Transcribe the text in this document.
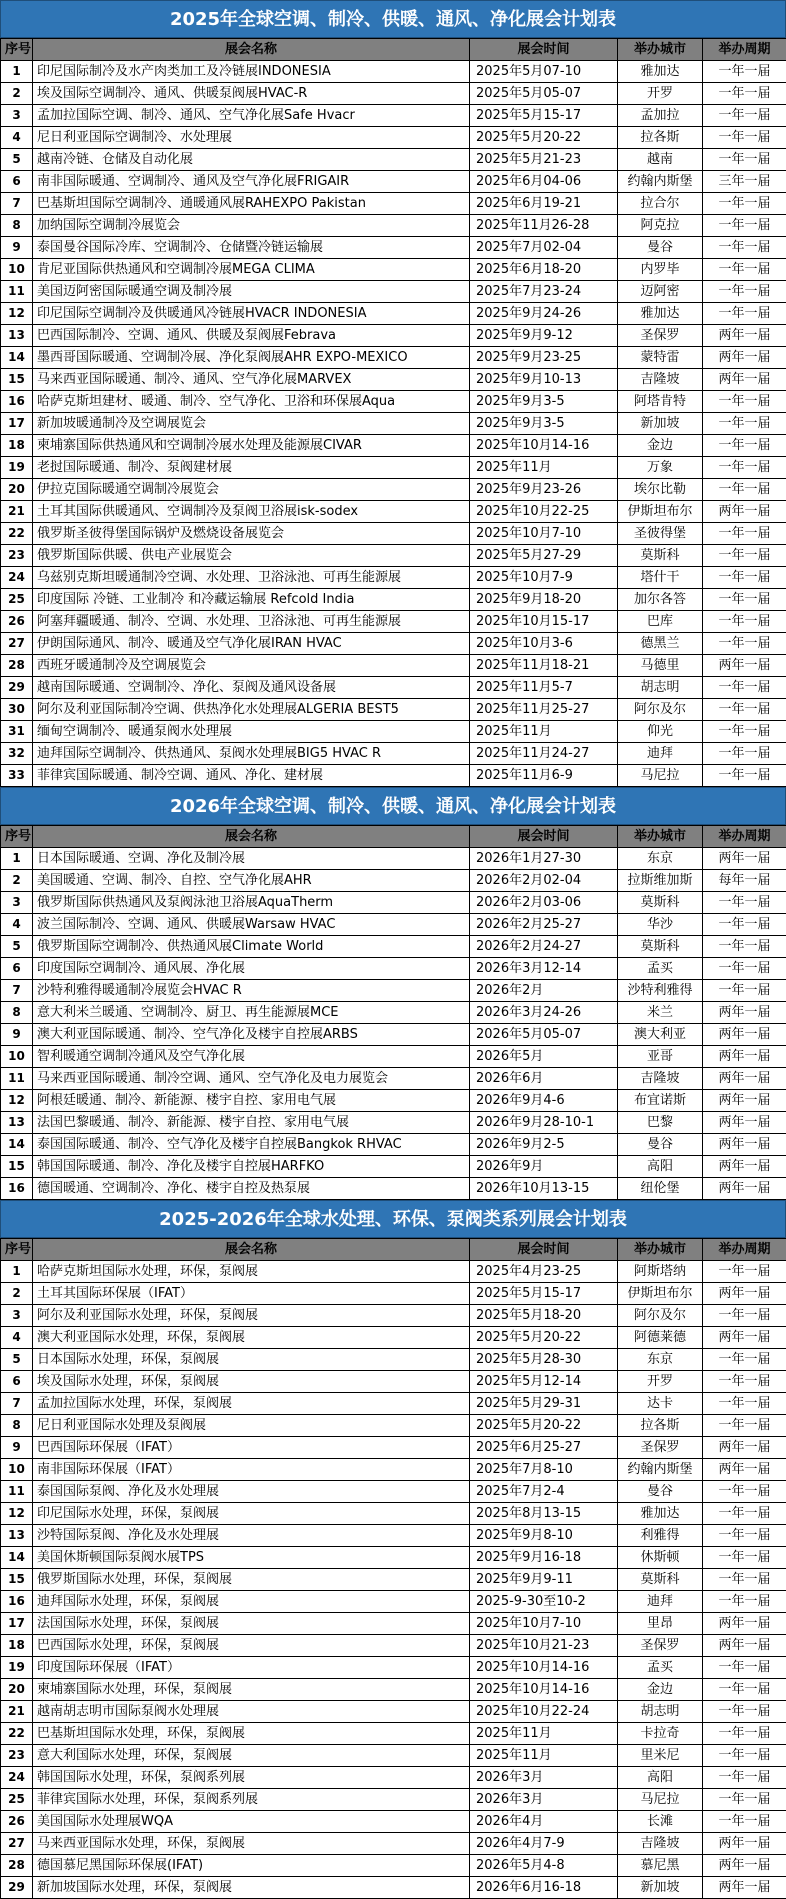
2025年全球空调、制冷、供暖、通风、净化展会计划表
序号	展会名称	展会时间	举办城市	举办周期
1	印尼国际制冷及水产肉类加工及冷链展INDONESIA	2025年5月07-10	雅加达	一年一届
2	埃及国际空调制冷、通风、供暖泵阀展HVAC-R	2025年5月05-07	开罗	一年一届
3	孟加拉国际空调、制冷、通风、空气净化展Safe Hvacr	2025年5月15-17	孟加拉	一年一届
4	尼日利亚国际空调制冷、水处理展	2025年5月20-22	拉各斯	一年一届
5	越南冷链、仓储及自动化展	2025年5月21-23	越南	一年一届
6	南非国际暖通、空调制冷、通风及空气净化展FRIGAIR	2025年6月04-06	约翰内斯堡	三年一届
7	巴基斯坦国际空调制冷、通暖通风展RAHEXPO Pakistan	2025年6月19-21	拉合尔	一年一届
8	加纳国际空调制冷展览会	2025年11月26-28	阿克拉	一年一届
9	泰国曼谷国际冷库、空调制冷、仓储暨冷链运输展	2025年7月02-04	曼谷	一年一届
10	肯尼亚国际供热通风和空调制冷展MEGA CLIMA	2025年6月18-20	内罗毕	一年一届
11	美国迈阿密国际暖通空调及制冷展	2025年7月23-24	迈阿密	一年一届
12	印尼国际空调制冷及供暖通风冷链展HVACR INDONESIA	2025年9月24-26	雅加达	一年一届
13	巴西国际制冷、空调、通风、供暖及泵阀展Febrava	2025年9月9-12	圣保罗	两年一届
14	墨西哥国际暖通、空调制冷展、净化泵阀展AHR EXPO-MEXICO	2025年9月23-25	蒙特雷	两年一届
15	马来西亚国际暖通、制冷、通风、空气净化展MARVEX	2025年9月10-13	吉隆坡	两年一届
16	哈萨克斯坦建材、暖通、制冷、空气净化、卫浴和环保展Aqua	2025年9月3-5	阿塔肯特	一年一届
17	新加坡暖通制冷及空调展览会	2025年9月3-5	新加坡	一年一届
18	柬埔寨国际供热通风和空调制冷展水处理及能源展CIVAR	2025年10月14-16	金边	一年一届
19	老挝国际暖通、制冷、泵阀建材展	2025年11月	万象	一年一届
20	伊拉克国际暖通空调制冷展览会	2025年9月23-26	埃尔比勒	一年一届
21	土耳其国际供暖通风、空调制冷及泵阀卫浴展isk-sodex	2025年10月22-25	伊斯坦布尔	两年一届
22	俄罗斯圣彼得堡国际锅炉及燃烧设备展览会	2025年10月7-10	圣彼得堡	一年一届
23	俄罗斯国际供暖、供电产业展览会	2025年5月27-29	莫斯科	一年一届
24	乌兹别克斯坦暖通制冷空调、水处理、卫浴泳池、可再生能源展	2025年10月7-9	塔什干	一年一届
25	印度国际 冷链、工业制冷 和冷藏运输展 Refcold India	2025年9月18-20	加尔各答	一年一届
26	阿塞拜疆暖通、制冷、空调、水处理、卫浴泳池、可再生能源展	2025年10月15-17	巴库	一年一届
27	伊朗国际通风、制冷、暖通及空气净化展IRAN HVAC	2025年10月3-6	德黑兰	一年一届
28	西班牙暖通制冷及空调展览会	2025年11月18-21	马德里	两年一届
29	越南国际暖通、空调制冷、净化、泵阀及通风设备展	2025年11月5-7	胡志明	一年一届
30	阿尔及利亚国际制冷空调、供热净化水处理展ALGERIA BEST5	2025年11月25-27	阿尔及尔	一年一届
31	缅甸空调制冷、暖通泵阀水处理展	2025年11月	仰光	一年一届
32	迪拜国际空调制冷、供热通风、泵阀水处理展BIG5 HVAC R	2025年11月24-27	迪拜	一年一届
33	菲律宾国际暖通、制冷空调、通风、净化、建材展	2025年11月6-9	马尼拉	一年一届
2026年全球空调、制冷、供暖、通风、净化展会计划表
序号	展会名称	展会时间	举办城市	举办周期
1	日本国际暖通、空调、净化及制冷展	2026年1月27-30	东京	两年一届
2	美国暖通、空调、制冷、自控、空气净化展AHR	2026年2月02-04	拉斯维加斯	每年一届
3	俄罗斯国际供热通风及泵阀泳池卫浴展AquaTherm	2026年2月03-06	莫斯科	一年一届
4	波兰国际制冷、空调、通风、供暖展Warsaw HVAC	2026年2月25-27	华沙	一年一届
5	俄罗斯国际空调制冷、供热通风展Climate World	2026年2月24-27	莫斯科	一年一届
6	印度国际空调制冷、通风展、净化展	2026年3月12-14	孟买	一年一届
7	沙特利雅得暖通制冷展览会HVAC R	2026年2月	沙特利雅得	一年一届
8	意大利米兰暖通、空调制冷、厨卫、再生能源展MCE	2026年3月24-26	米兰	两年一届
9	澳大利亚国际暖通、制冷、空气净化及楼宇自控展ARBS	2026年5月05-07	澳大利亚	两年一届
10	智利暖通空调制冷通风及空气净化展	2026年5月	亚哥	两年一届
11	马来西亚国际暖通、制冷空调、通风、空气净化及电力展览会	2026年6月	吉隆坡	两年一届
12	阿根廷暖通、制冷、新能源、楼宇自控、家用电气展	2026年9月4-6	布宜诺斯	两年一届
13	法国巴黎暖通、制冷、新能源、楼宇自控、家用电气展	2026年9月28-10-1	巴黎	两年一届
14	泰国国际暖通、制冷、空气净化及楼宇自控展Bangkok RHVAC	2026年9月2-5	曼谷	两年一届
15	韩国国际暖通、制冷、净化及楼宇自控展HARFKO	2026年9月	高阳	两年一届
16	德国暖通、空调制冷、净化、楼宇自控及热泵展	2026年10月13-15	纽伦堡	两年一届
2025-2026年全球水处理、环保、泵阀类系列展会计划表
序号	展会名称	展会时间	举办城市	举办周期
1	哈萨克斯坦国际水处理，环保，泵阀展	2025年4月23-25	阿斯塔纳	一年一届
2	土耳其国际环保展（IFAT）	2025年5月15-17	伊斯坦布尔	两年一届
3	阿尔及利亚国际水处理，环保，泵阀展	2025年5月18-20	阿尔及尔	一年一届
4	澳大利亚国际水处理，环保，泵阀展	2025年5月20-22	阿德莱德	两年一届
5	日本国际水处理，环保，泵阀展	2025年5月28-30	东京	一年一届
6	埃及国际水处理，环保，泵阀展	2025年5月12-14	开罗	一年一届
7	孟加拉国际水处理，环保，泵阀展	2025年5月29-31	达卡	一年一届
8	尼日利亚国际水处理及泵阀展	2025年5月20-22	拉各斯	一年一届
9	巴西国际环保展（IFAT）	2025年6月25-27	圣保罗	两年一届
10	南非国际环保展（IFAT）	2025年7月8-10	约翰内斯堡	两年一届
11	泰国国际泵阀、净化及水处理展	2025年7月2-4	曼谷	一年一届
12	印尼国际水处理，环保，泵阀展	2025年8月13-15	雅加达	一年一届
13	沙特国际泵阀、净化及水处理展	2025年9月8-10	利雅得	一年一届
14	美国休斯顿国际泵阀水展TPS	2025年9月16-18	休斯顿	一年一届
15	俄罗斯国际水处理，环保，泵阀展	2025年9月9-11	莫斯科	一年一届
16	迪拜国际水处理，环保，泵阀展	2025-9-30至10-2	迪拜	一年一届
17	法国国际水处理，环保，泵阀展	2025年10月7-10	里昂	两年一届
18	巴西国际水处理，环保，泵阀展	2025年10月21-23	圣保罗	两年一届
19	印度国际环保展（IFAT）	2025年10月14-16	孟买	一年一届
20	柬埔寨国际水处理，环保，泵阀展	2025年10月14-16	金边	一年一届
21	越南胡志明市国际泵阀水处理展	2025年10月22-24	胡志明	一年一届
22	巴基斯坦国际水处理，环保，泵阀展	2025年11月	卡拉奇	一年一届
23	意大利国际水处理，环保，泵阀展	2025年11月	里米尼	一年一届
24	韩国国际水处理，环保，泵阀系列展	2026年3月	高阳	一年一届
25	菲律宾国际水处理，环保，泵阀系列展	2026年3月	马尼拉	一年一届
26	美国国际水处理展WQA	2026年4月	长滩	一年一届
27	马来西亚国际水处理，环保，泵阀展	2026年4月7-9	吉隆坡	两年一届
28	德国慕尼黑国际环保展(IFAT)	2026年5月4-8	慕尼黑	两年一届
29	新加坡国际水处理，环保，泵阀展	2026年6月16-18	新加坡	两年一届
